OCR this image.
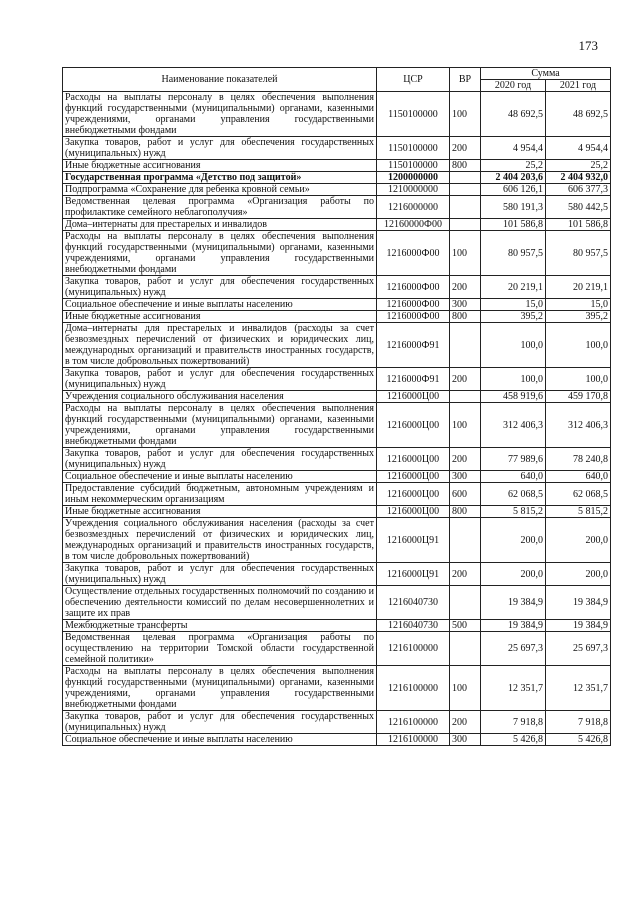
173
Наименование показателей	ЦСР	ВР	Сумма	
			2020 год	2021 год
Расходы на выплаты персоналу в целях обеспечения выполнения функций государственными (муниципальными) органами, казенными учреждениями, органами управления государственными внебюджетными фондами	1150100000	100	48 692,5	48 692,5
Закупка товаров, работ и услуг для обеспечения государственных (муниципальных) нужд	1150100000	200	4 954,4	4 954,4
Иные бюджетные ассигнования	1150100000	800	25,2	25,2
Государственная программа «Детство под защитой»	1200000000		2 404 203,6	2 404 932,0
Подпрограмма «Сохранение для ребенка кровной семьи»	1210000000		606 126,1	606 377,3
Ведомственная целевая программа «Организация работы по профилактике семейного неблагополучия»	1216000000		580 191,3	580 442,5
Дома–интернаты для престарелых и инвалидов	12160000Ф00		101 586,8	101 586,8
Расходы на выплаты персоналу в целях обеспечения выполнения функций государственными (муниципальными) органами, казенными учреждениями, органами управления государственными внебюджетными фондами	1216000Ф00	100	80 957,5	80 957,5
Закупка товаров, работ и услуг для обеспечения государственных (муниципальных) нужд	1216000Ф00	200	20 219,1	20 219,1
Социальное обеспечение и иные выплаты населению	1216000Ф00	300	15,0	15,0
Иные бюджетные ассигнования	1216000Ф00	800	395,2	395,2
Дома–интернаты для престарелых и инвалидов (расходы за счет безвозмездных перечислений от физических и юридических лиц, международных организаций и правительств иностранных государств, в том числе добровольных пожертвований)	1216000Ф91		100,0	100,0
Закупка товаров, работ и услуг для обеспечения государственных (муниципальных) нужд	1216000Ф91	200	100,0	100,0
Учреждения социального обслуживания населения	1216000Ц00		458 919,6	459 170,8
Расходы на выплаты персоналу в целях обеспечения выполнения функций государственными (муниципальными) органами, казенными учреждениями, органами управления государственными внебюджетными фондами	1216000Ц00	100	312 406,3	312 406,3
Закупка товаров, работ и услуг для обеспечения государственных (муниципальных) нужд	1216000Ц00	200	77 989,6	78 240,8
Социальное обеспечение и иные выплаты населению	1216000Ц00	300	640,0	640,0
Предоставление субсидий бюджетным, автономным учреждениям и иным некоммерческим организациям	1216000Ц00	600	62 068,5	62 068,5
Иные бюджетные ассигнования	1216000Ц00	800	5 815,2	5 815,2
Учреждения социального обслуживания населения (расходы за счет безвозмездных перечислений от физических и юридических лиц, международных организаций и правительств иностранных государств, в том числе добровольных пожертвований)	1216000Ц91		200,0	200,0
Закупка товаров, работ и услуг для обеспечения государственных (муниципальных) нужд	1216000Ц91	200	200,0	200,0
Осуществление отдельных государственных полномочий по созданию и обеспечению деятельности комиссий по делам несовершеннолетних и защите их прав	1216040730		19 384,9	19 384,9
Межбюджетные трансферты	1216040730	500	19 384,9	19 384,9
Ведомственная целевая программа «Организация работы по осуществлению на территории Томской области государственной семейной политики»	1216100000		25 697,3	25 697,3
Расходы на выплаты персоналу в целях обеспечения выполнения функций государственными (муниципальными) органами, казенными учреждениями, органами управления государственными внебюджетными фондами	1216100000	100	12 351,7	12 351,7
Закупка товаров, работ и услуг для обеспечения государственных (муниципальных) нужд	1216100000	200	7 918,8	7 918,8
Социальное обеспечение и иные выплаты населению	1216100000	300	5 426,8	5 426,8
